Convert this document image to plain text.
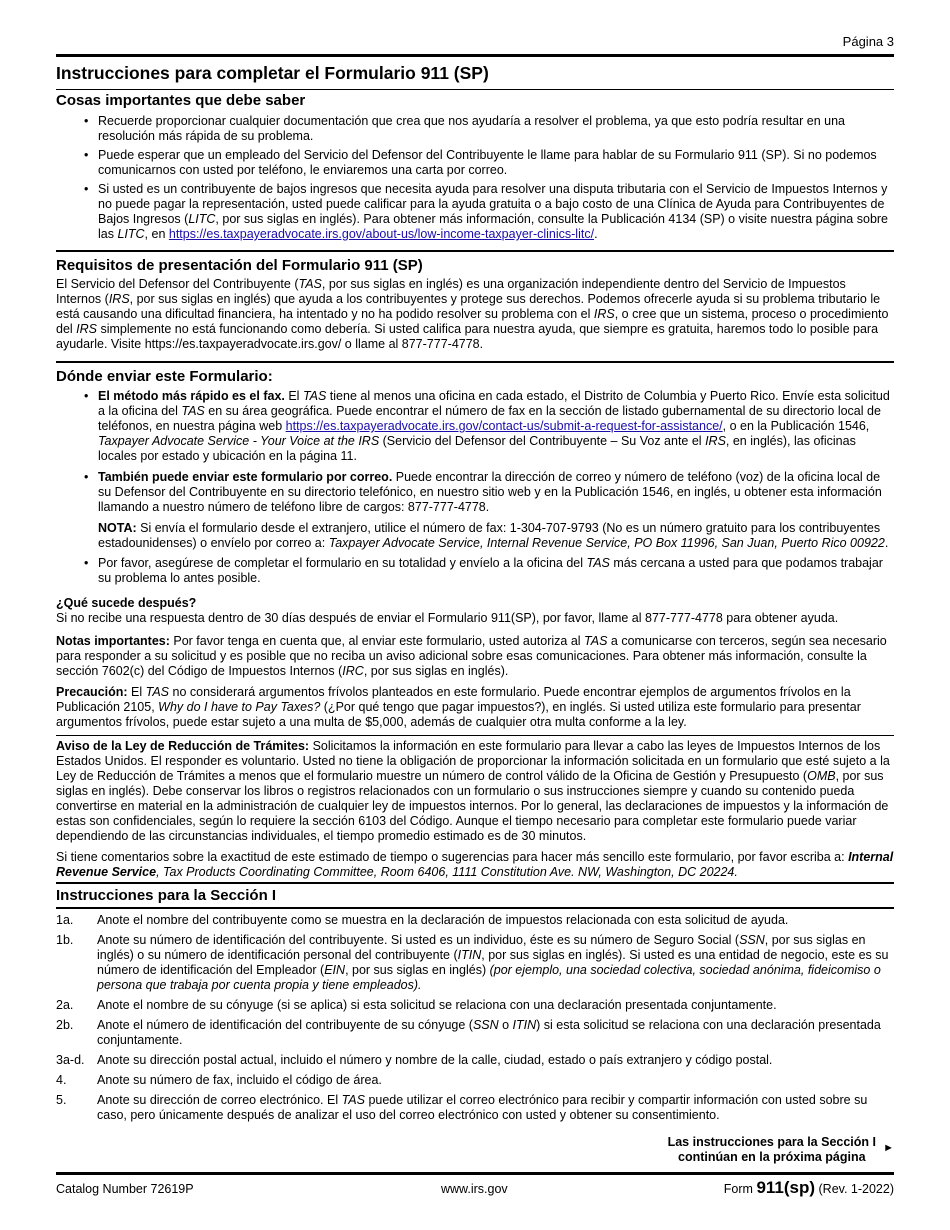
Página 3
Instrucciones para completar el Formulario 911 (SP)
Cosas importantes que debe saber
• Recuerde proporcionar cualquier documentación que crea que nos ayudaría a resolver el problema, ya que esto podría resultar en una resolución más rápida de su problema.
• Puede esperar que un empleado del Servicio del Defensor del Contribuyente le llame para hablar de su Formulario 911 (SP). Si no podemos comunicarnos con usted por teléfono, le enviaremos una carta por correo.
• Si usted es un contribuyente de bajos ingresos que necesita ayuda para resolver una disputa tributaria con el Servicio de Impuestos Internos y no puede pagar la representación, usted puede calificar para la ayuda gratuita o a bajo costo de una Clínica de Ayuda para Contribuyentes de Bajos Ingresos (LITC, por sus siglas en inglés). Para obtener más información, consulte la Publicación 4134 (SP) o visite nuestra página sobre las LITC, en https://es.taxpayeradvocate.irs.gov/about-us/low-income-taxpayer-clinics-litc/.
Requisitos de presentación del Formulario 911 (SP)

El Servicio del Defensor del Contribuyente (TAS, por sus siglas en inglés) es una organización independiente dentro del Servicio de Impuestos Internos (IRS, por sus siglas en inglés) que ayuda a los contribuyentes y protege sus derechos. Podemos ofrecerle ayuda si su problema tributario le está causando una dificultad financiera, ha intentado y no ha podido resolver su problema con el IRS, o cree que un sistema, proceso o procedimiento del IRS simplemente no está funcionando como debería. Si usted califica para nuestra ayuda, que siempre es gratuita, haremos todo lo posible para ayudarle. Visite https://es.taxpayeradvocate.irs.gov/ o llame al 877-777-4778.

Dónde enviar este Formulario:
• El método más rápido es el fax. El TAS tiene al menos una oficina en cada estado, el Distrito de Columbia y Puerto Rico. Envíe esta solicitud a la oficina del TAS en su área geográfica. Puede encontrar el número de fax en la sección de listado gubernamental de su directorio local de teléfonos, en nuestra página web https://es.taxpayeradvocate.irs.gov/contact-us/submit-a-request-for-assistance/, o en la Publicación 1546, Taxpayer Advocate Service - Your Voice at the IRS (Servicio del Defensor del Contribuyente – Su Voz ante el IRS, en inglés), las oficinas locales por estado y ubicación en la página 11.
• También puede enviar este formulario por correo. Puede encontrar la dirección de correo y número de teléfono (voz) de la oficina local de su Defensor del Contribuyente en su directorio telefónico, en nuestro sitio web y en la Publicación 1546, en inglés, u obtener esta información llamando a nuestro número de teléfono libre de cargos: 877-777-4778.
NOTA: Si envía el formulario desde el extranjero, utilice el número de fax: 1-304-707-9793 (No es un número gratuito para los contribuyentes estadounidenses) o envíelo por correo a: Taxpayer Advocate Service, Internal Revenue Service, PO Box 11996, San Juan, Puerto Rico 00922.
• Por favor, asegúrese de completar el formulario en su totalidad y envíelo a la oficina del TAS más cercana a usted para que podamos trabajar su problema lo antes posible.

¿Qué sucede después?

Si no recibe una respuesta dentro de 30 días después de enviar el Formulario 911(SP), por favor, llame al 877-777-4778 para obtener ayuda.

Notas importantes: Por favor tenga en cuenta que, al enviar este formulario, usted autoriza al TAS a comunicarse con terceros, según sea necesario para responder a su solicitud y es posible que no reciba un aviso adicional sobre esas comunicaciones. Para obtener más información, consulte la sección 7602(c) del Código de Impuestos Internos (IRC, por sus siglas en inglés).

Precaución: El TAS no considerará argumentos frívolos planteados en este formulario. Puede encontrar ejemplos de argumentos frívolos en la Publicación 2105, Why do I have to Pay Taxes? (¿Por qué tengo que pagar impuestos?), en inglés. Si usted utiliza este formulario para presentar argumentos frívolos, puede estar sujeto a una multa de $5,000, además de cualquier otra multa conforme a la ley.

Aviso de la Ley de Reducción de Trámites: Solicitamos la información en este formulario para llevar a cabo las leyes de Impuestos Internos de los Estados Unidos. El responder es voluntario. Usted no tiene la obligación de proporcionar la información solicitada en un formulario que esté sujeto a la Ley de Reducción de Trámites a menos que el formulario muestre un número de control válido de la Oficina de Gestión y Presupuesto (OMB, por sus siglas en inglés). Debe conservar los libros o registros relacionados con un formulario o sus instrucciones siempre y cuando su contenido pueda convertirse en material en la administración de cualquier ley de impuestos internos. Por lo general, las declaraciones de impuestos y la información de estas son confidenciales, según lo requiere la sección 6103 del Código. Aunque el tiempo necesario para completar este formulario puede variar dependiendo de las circunstancias individuales, el tiempo promedio estimado es de 30 minutos.

Si tiene comentarios sobre la exactitud de este estimado de tiempo o sugerencias para hacer más sencillo este formulario, por favor escriba a: Internal Revenue Service, Tax Products Coordinating Committee, Room 6406, 1111 Constitution Ave. NW, Washington, DC 20224.

Instrucciones para la Sección I
1a.	Anote el nombre del contribuyente como se muestra en la declaración de impuestos relacionada con esta solicitud de ayuda.
1b.	Anote su número de identificación del contribuyente. Si usted es un individuo, éste es su número de Seguro Social (SSN, por sus siglas en inglés) o su número de identificación personal del contribuyente (ITIN, por sus siglas en inglés). Si usted es una entidad de negocio, este es su número de identificación del Empleador (EIN, por sus siglas en inglés) (por ejemplo, una sociedad colectiva, sociedad anónima, fideicomiso o persona que trabaja por cuenta propia y tiene empleados).
2a.	Anote el nombre de su cónyuge (si se aplica) si esta solicitud se relaciona con una declaración presentada conjuntamente.
2b.	Anote el número de identificación del contribuyente de su cónyuge (SSN o ITIN) si esta solicitud se relaciona con una declaración presentada conjuntamente.
3a-d.	Anote su dirección postal actual, incluido el número y nombre de la calle, ciudad, estado o país extranjero y código postal.
4.	Anote su número de fax, incluido el código de área.
5.	Anote su dirección de correo electrónico. El TAS puede utilizar el correo electrónico para recibir y compartir información con usted sobre su caso, pero únicamente después de analizar el uso del correo electrónico con usted y obtener su consentimiento.
Las instrucciones para la Sección I
continúan en la próxima página
►
Catalog Number 72619P	www.irs.gov	Form 911(sp) (Rev. 1-2022)
